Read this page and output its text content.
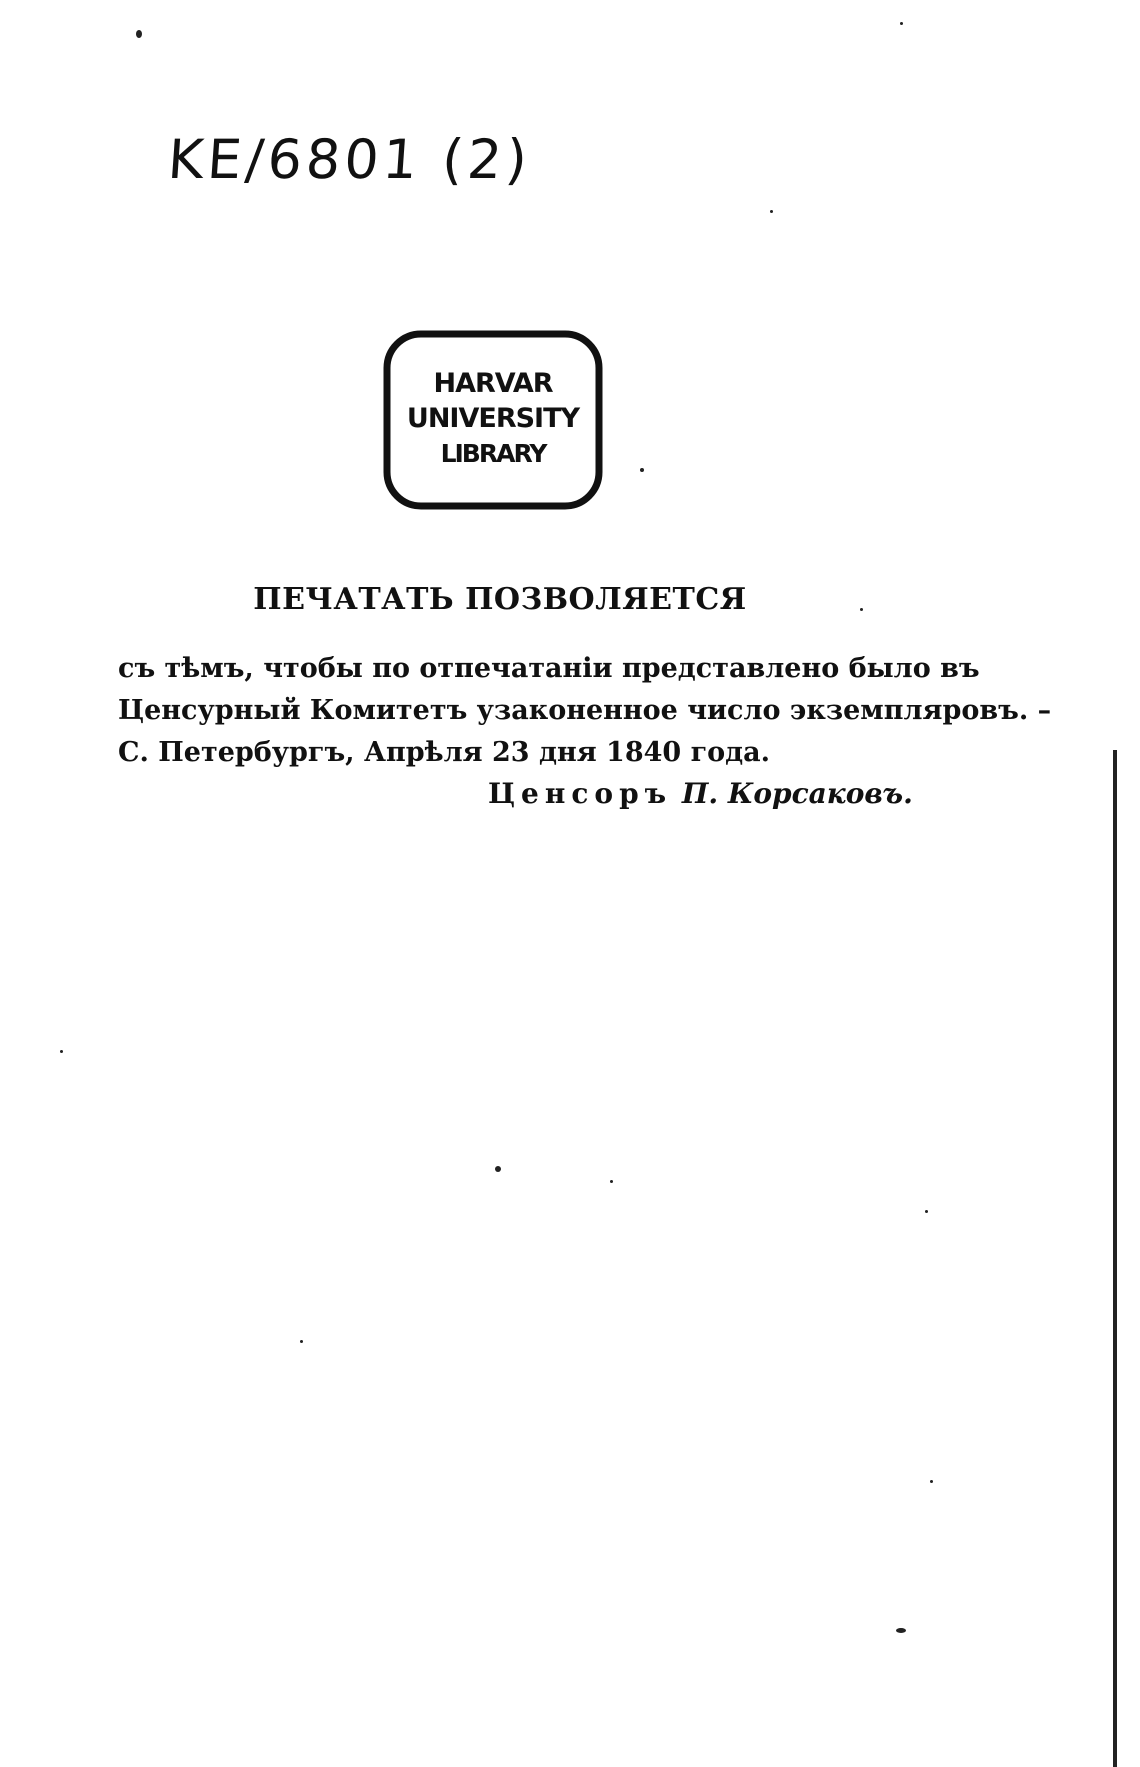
KE/6801 (2)
HARVAR
UNIVERSITY
LIBRARY
ПЕЧАТАТЬ ПОЗВОЛЯЕТСЯ
съ тѣмъ, чтобы по отпечатаніи представлено было въ
Ценсурный Комитетъ узаконенное число экземпляровъ. –
С. Петербургъ, Апрѣля 23 дня 1840 года.
Ценсоръ П. Корсаковъ.
